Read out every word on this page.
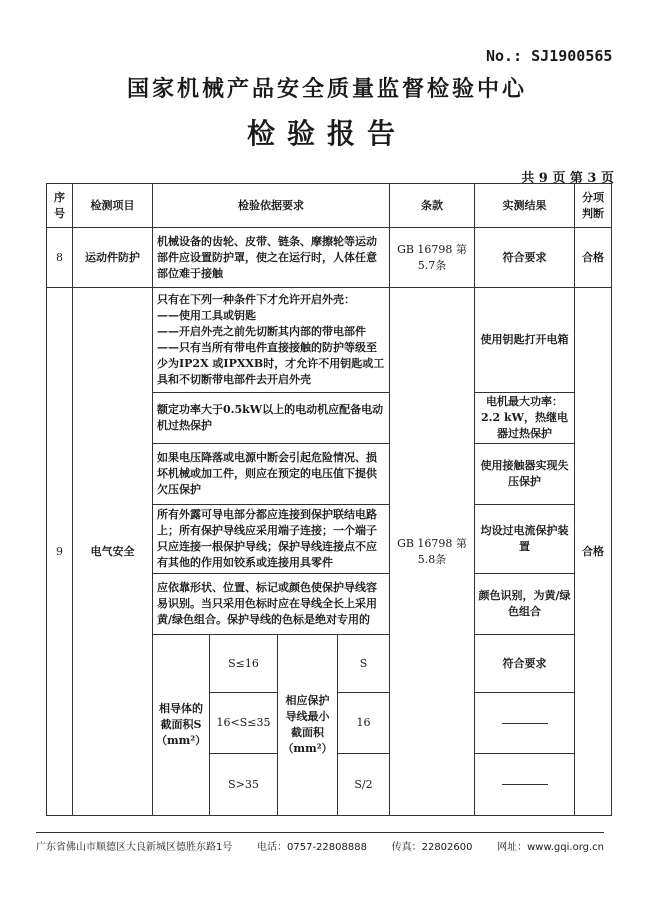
No.: SJ1900565
国家机械产品安全质量监督检验中心
检验报告
共 9 页 第 3 页
序号	检测项目	检验依据要求				条款	实测结果	分项判断
8	运动件防护	机械设备的齿轮、皮带、链条、摩擦轮等运动部件应设置防护罩，使之在运行时，人体任意部位难于接触				GB 16798 第5.7条	符合要求	合格
9	电气安全	只有在下列一种条件下才允许开启外壳：
——使用工具或钥匙
——开启外壳之前先切断其内部的带电部件
——只有当所有带电件直接接触的防护等级至少为IP2X 或IPXXB时，才允许不用钥匙或工具和不切断带电部件去开启外壳				GB 16798 第5.8条	使用钥匙打开电箱	合格
		额定功率大于0.5kW以上的电动机应配备电动机过热保护					电机最大功率：2.2 kW，热继电器过热保护	
		如果电压降落或电源中断会引起危险情况、损坏机械或加工件，则应在预定的电压值下提供欠压保护					使用接触器实现失压保护	
		所有外露可导电部分都应连接到保护联结电路上；所有保护导线应采用端子连接；一个端子只应连接一根保护导线；保护导线连接点不应有其他的作用如铰系或连接用具零件					均设过电流保护装置	
		应依靠形状、位置、标记或颜色使保护导线容易识别。当只采用色标时应在导线全长上采用黄/绿色组合。保护导线的色标是绝对专用的					颜色识别，为黄/绿色组合	
		相导体的截面积S（mm²）	S≤16	相应保护导线最小截面积（mm²）	S		符合要求	
			16<S≤35		16			
			S>35		S/2			
广东省佛山市顺德区大良新城区德胜东路1号 电话：0757-22808888 传真：22802600 网址：www.gqi.org.cn
